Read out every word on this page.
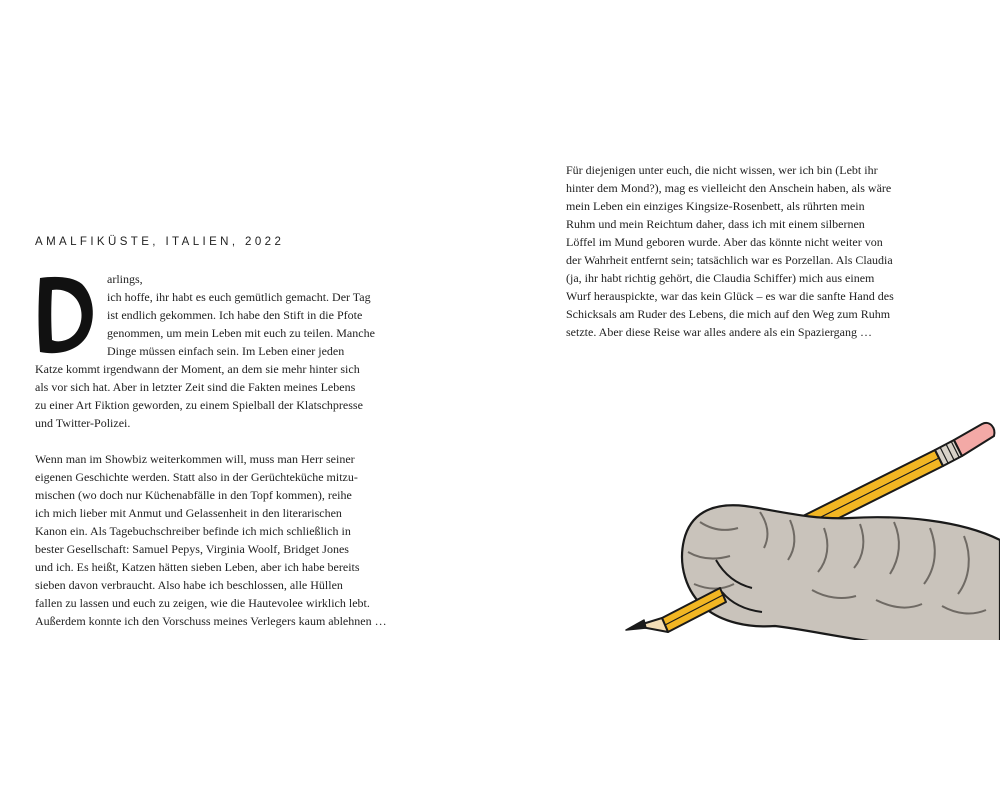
AMALFIKÜSTE, ITALIEN, 2022
arlings,
ich hoffe, ihr habt es euch gemütlich gemacht. Der Tag
ist endlich gekommen. Ich habe den Stift in die Pfote
genommen, um mein Leben mit euch zu teilen. Manche
Dinge müssen einfach sein. Im Leben einer jeden
Katze kommt irgendwann der Moment, an dem sie mehr hinter sich
als vor sich hat. Aber in letzter Zeit sind die Fakten meines Lebens
zu einer Art Fiktion geworden, zu einem Spielball der Klatschpresse
und Twitter-Polizei.
Wenn man im Showbiz weiterkommen will, muss man Herr seiner
eigenen Geschichte werden. Statt also in der Gerüchteküche mitzu-
mischen (wo doch nur Küchenabfälle in den Topf kommen), reihe
ich mich lieber mit Anmut und Gelassenheit in den literarischen
Kanon ein. Als Tagebuchschreiber befinde ich mich schließlich in
bester Gesellschaft: Samuel Pepys, Virginia Woolf, Bridget Jones
und ich. Es heißt, Katzen hätten sieben Leben, aber ich habe bereits
sieben davon verbraucht. Also habe ich beschlossen, alle Hüllen
fallen zu lassen und euch zu zeigen, wie die Hautevolee wirklich lebt.
Außerdem konnte ich den Vorschuss meines Verlegers kaum ablehnen …
Für diejenigen unter euch, die nicht wissen, wer ich bin (Lebt ihr
hinter dem Mond?), mag es vielleicht den Anschein haben, als wäre
mein Leben ein einziges Kingsize-Rosenbett, als rührten mein
Ruhm und mein Reichtum daher, dass ich mit einem silbernen
Löffel im Mund geboren wurde. Aber das könnte nicht weiter von
der Wahrheit entfernt sein; tatsächlich war es Porzellan. Als Claudia
(ja, ihr habt richtig gehört, die Claudia Schiffer) mich aus einem
Wurf herauspickte, war das kein Glück – es war die sanfte Hand des
Schicksals am Ruder des Lebens, die mich auf den Weg zum Ruhm
setzte. Aber diese Reise war alles andere als ein Spaziergang …
